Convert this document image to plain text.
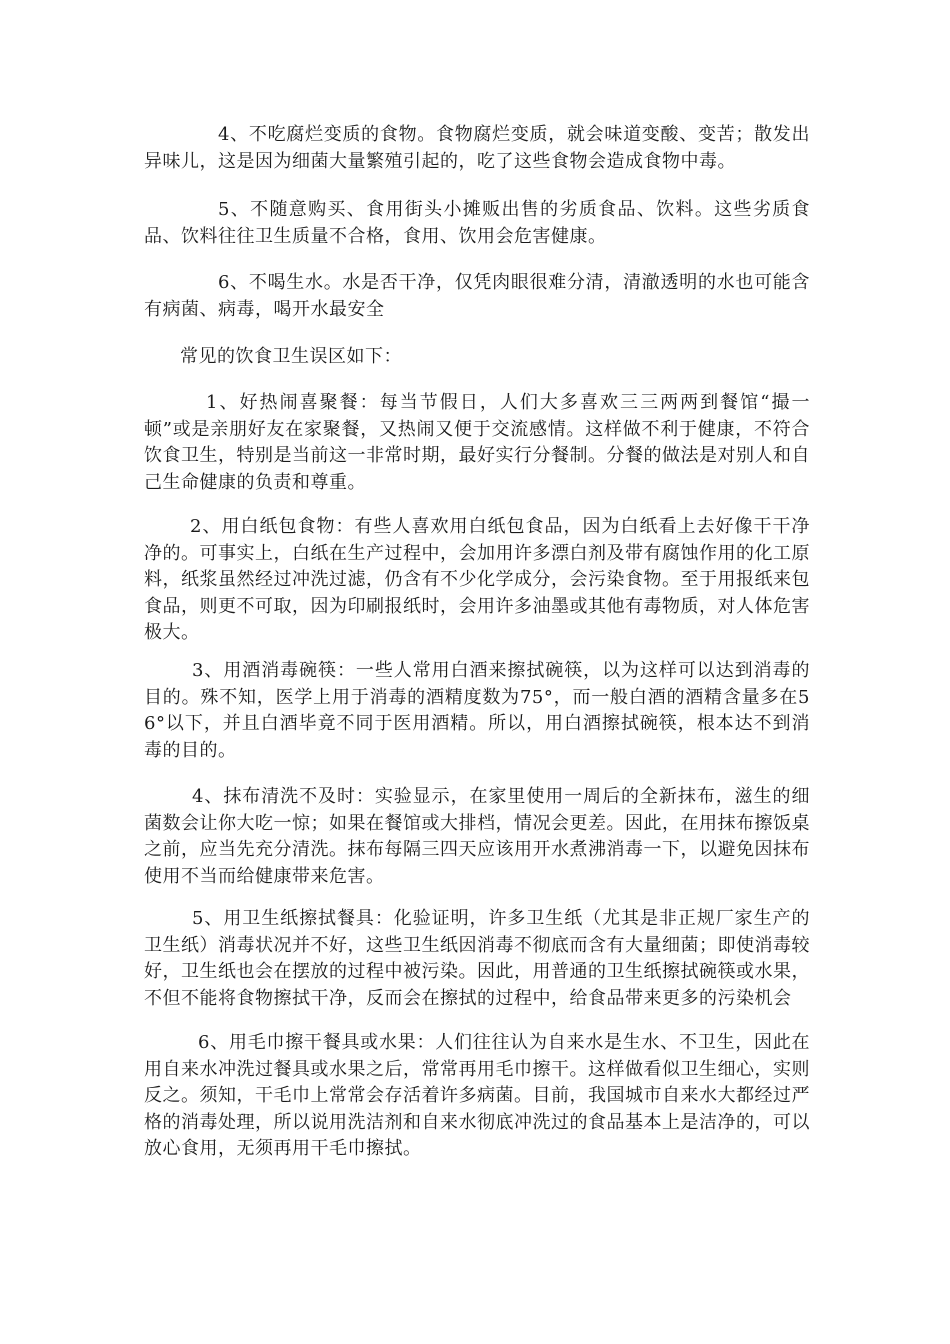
4、不吃腐烂变质的食物。食物腐烂变质，就会味道变酸、变苦；散发出异味儿，这是因为细菌大量繁殖引起的，吃了这些食物会造成食物中毒。

5、不随意购买、食用街头小摊贩出售的劣质食品、饮料。这些劣质食品、饮料往往卫生质量不合格，食用、饮用会危害健康。

6、不喝生水。水是否干净，仅凭肉眼很难分清，清澈透明的水也可能含有病菌、病毒，喝开水最安全

常见的饮食卫生误区如下：

1、好热闹喜聚餐：每当节假日，人们大多喜欢三三两两到餐馆“撮一顿”或是亲朋好友在家聚餐，又热闹又便于交流感情。这样做不利于健康，不符合饮食卫生，特别是当前这一非常时期，最好实行分餐制。分餐的做法是对别人和自己生命健康的负责和尊重。

2、用白纸包食物：有些人喜欢用白纸包食品，因为白纸看上去好像干干净净的。可事实上，白纸在生产过程中，会加用许多漂白剂及带有腐蚀作用的化工原料，纸浆虽然经过冲洗过滤，仍含有不少化学成分，会污染食物。至于用报纸来包食品，则更不可取，因为印刷报纸时，会用许多油墨或其他有毒物质，对人体危害极大。

3、用酒消毒碗筷：一些人常用白酒来擦拭碗筷，以为这样可以达到消毒的目的。殊不知，医学上用于消毒的酒精度数为75°，而一般白酒的酒精含量多在56°以下，并且白酒毕竟不同于医用酒精。所以，用白酒擦拭碗筷，根本达不到消毒的目的。

4、抹布清洗不及时：实验显示，在家里使用一周后的全新抹布，滋生的细菌数会让你大吃一惊；如果在餐馆或大排档，情况会更差。因此，在用抹布擦饭桌之前，应当先充分清洗。抹布每隔三四天应该用开水煮沸消毒一下，以避免因抹布使用不当而给健康带来危害。

5、用卫生纸擦拭餐具：化验证明，许多卫生纸（尤其是非正规厂家生产的卫生纸）消毒状况并不好，这些卫生纸因消毒不彻底而含有大量细菌；即使消毒较好，卫生纸也会在摆放的过程中被污染。因此，用普通的卫生纸擦拭碗筷或水果，不但不能将食物擦拭干净，反而会在擦拭的过程中，给食品带来更多的污染机会

6、用毛巾擦干餐具或水果：人们往往认为自来水是生水、不卫生，因此在用自来水冲洗过餐具或水果之后，常常再用毛巾擦干。这样做看似卫生细心，实则反之。须知，干毛巾上常常会存活着许多病菌。目前，我国城市自来水大都经过严格的消毒处理，所以说用洗洁剂和自来水彻底冲洗过的食品基本上是洁净的，可以放心食用，无须再用干毛巾擦拭。
